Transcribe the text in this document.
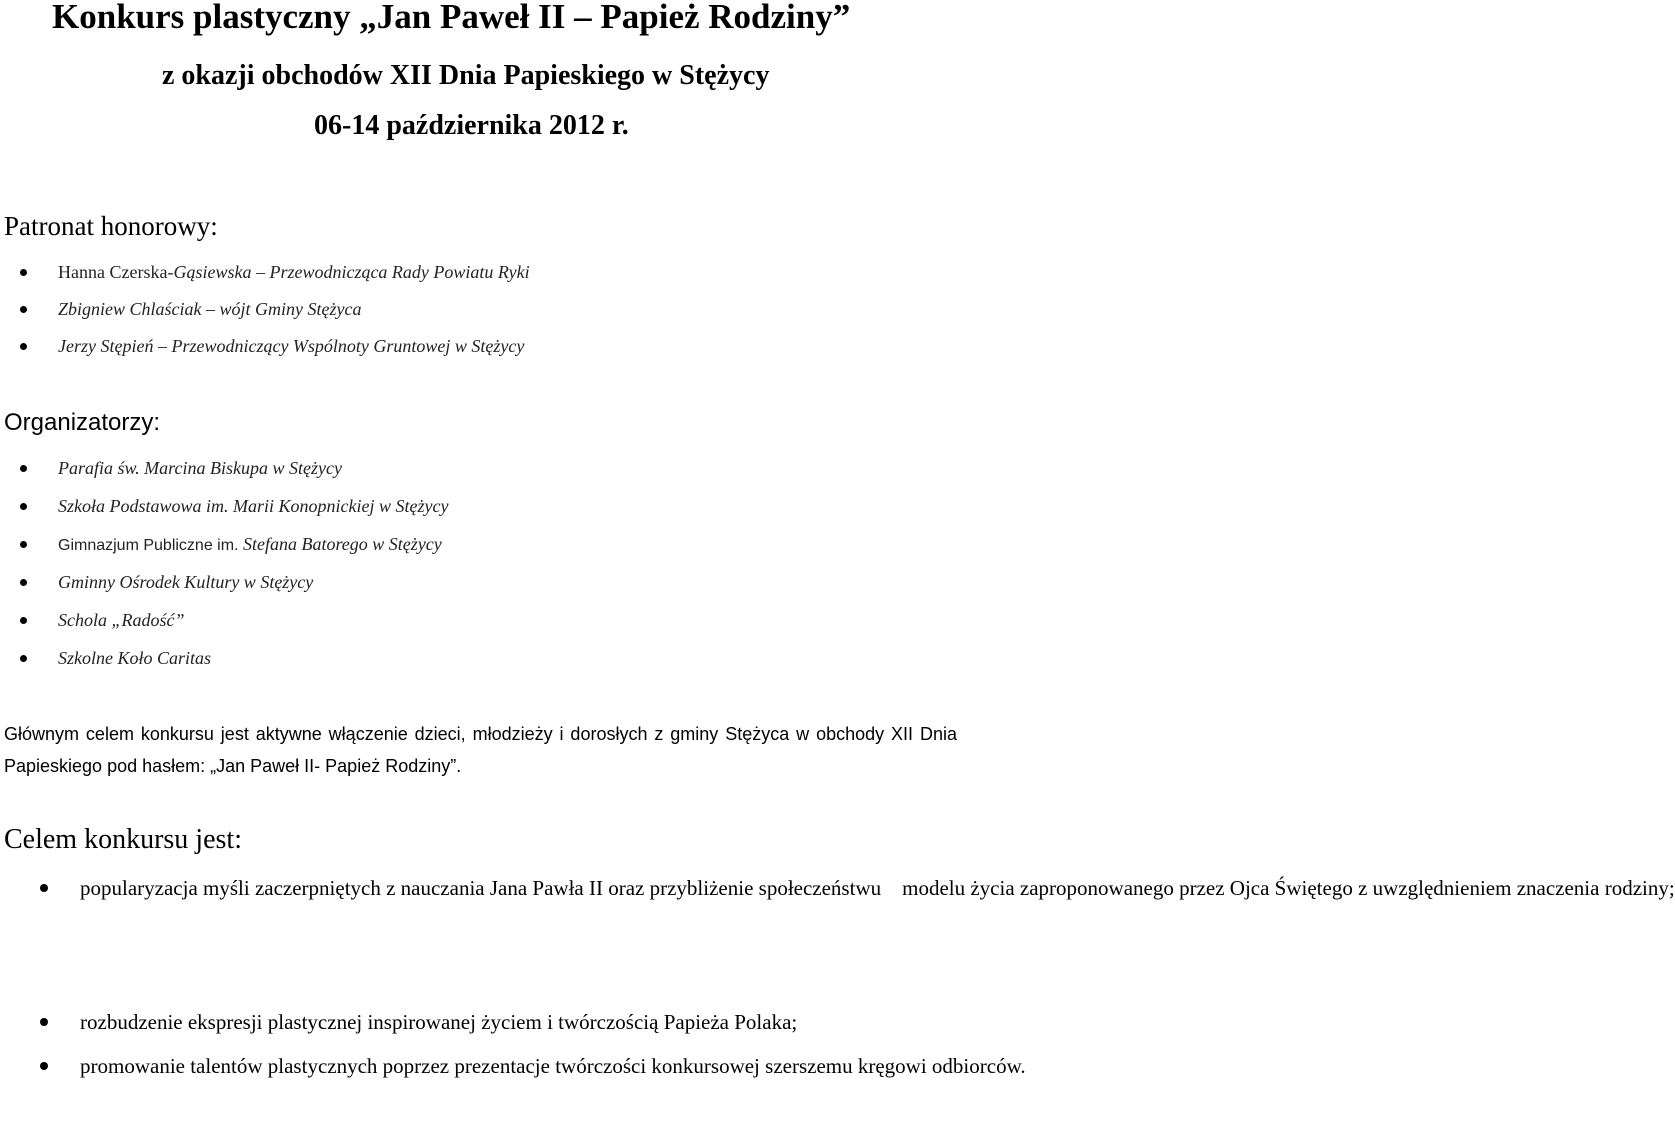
Konkurs plastyczny „Jan Paweł II – Papież Rodziny”
z okazji obchodów XII Dnia Papieskiego w Stężycy
06-14 października 2012 r.
Patronat honorowy:
Hanna Czerska-Gąsiewska – Przewodnicząca Rady Powiatu Ryki
Zbigniew Chlaściak – wójt Gminy Stężyca
Jerzy Stępień – Przewodniczący Wspólnoty Gruntowej w Stężycy
Organizatorzy:
Parafia św. Marcina Biskupa w Stężycy
Szkoła Podstawowa im. Marii Konopnickiej w Stężycy
Gimnazjum Publiczne im. Stefana Batorego w Stężycy
Gminny Ośrodek Kultury w Stężycy
Schola „Radość”
Szkolne Koło Caritas

Głównym celem konkursu jest aktywne włączenie dzieci, młodzieży i dorosłych z gminy Stężyca w obchody XII Dnia Papieskiego pod hasłem: „Jan Paweł II- Papież Rodziny”.

Celem konkursu jest:
popularyzacja myśli zaczerpniętych z nauczania Jana Pawła II oraz przybliżenie społeczeństwu    modelu życia zaproponowanego przez Ojca Świętego z uwzględnieniem znaczenia rodziny;
rozbudzenie ekspresji plastycznej inspirowanej życiem i twórczością Papieża Polaka;
promowanie talentów plastycznych poprzez prezentacje twórczości konkursowej szerszemu kręgowi odbiorców.
